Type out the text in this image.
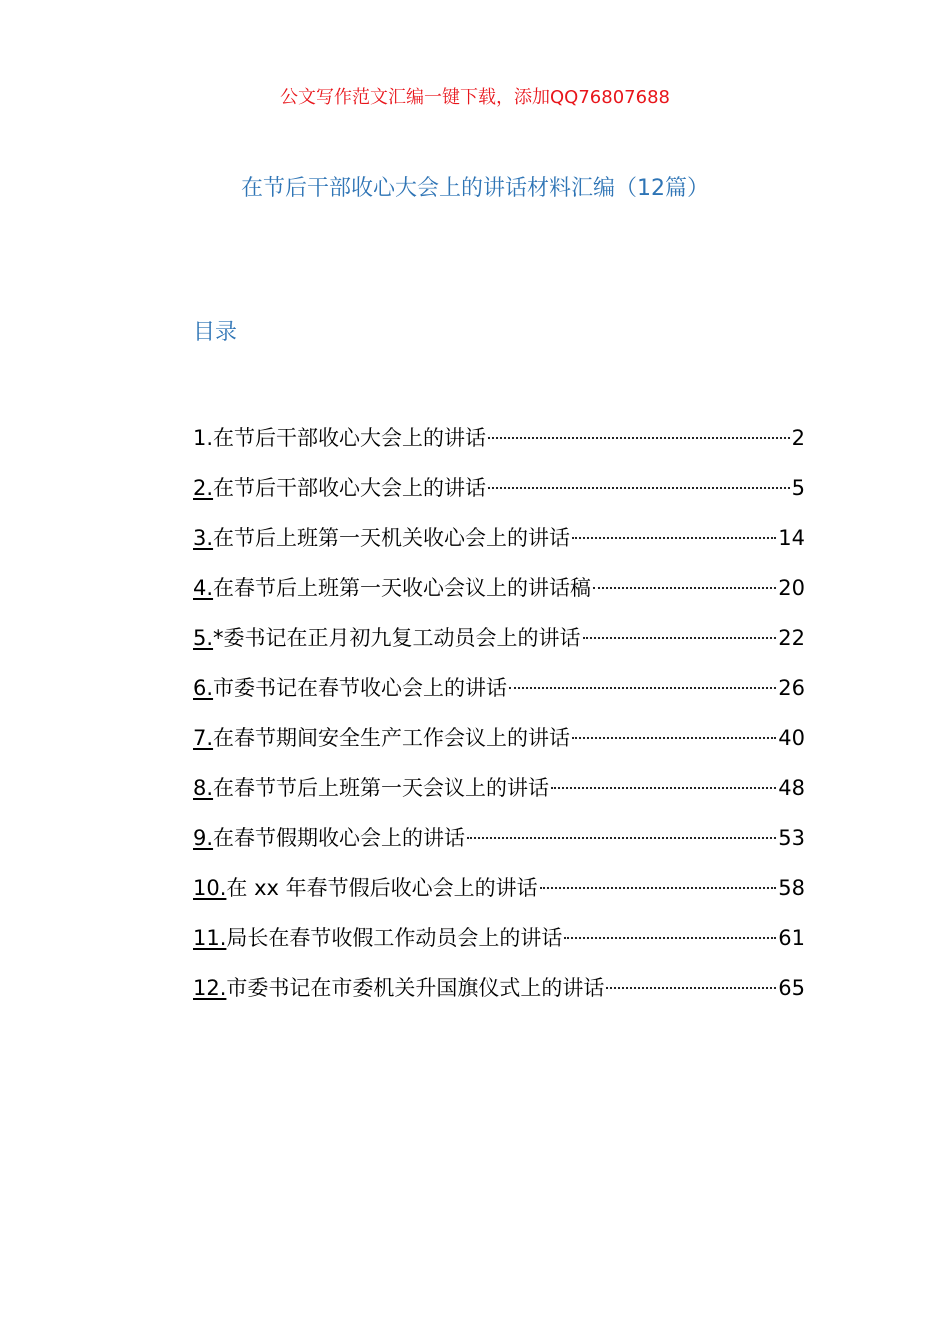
公文写作范文汇编一键下载，添加QQ76807688
在节后干部收心大会上的讲话材料汇编（12篇）
目录
1. 在节后干部收心大会上的讲话	2
2. 在节后干部收心大会上的讲话	5
3. 在节后上班第一天机关收心会上的讲话	14
4. 在春节后上班第一天收心会议上的讲话稿	20
5. *委书记在正月初九复工动员会上的讲话	22
6. 市委书记在春节收心会上的讲话	26
7. 在春节期间安全生产工作会议上的讲话	40
8. 在春节节后上班第一天会议上的讲话	48
9. 在春节假期收心会上的讲话	53
10. 在 xx 年春节假后收心会上的讲话	58
11. 局长在春节收假工作动员会上的讲话	61
12. 市委书记在市委机关升国旗仪式上的讲话	65
